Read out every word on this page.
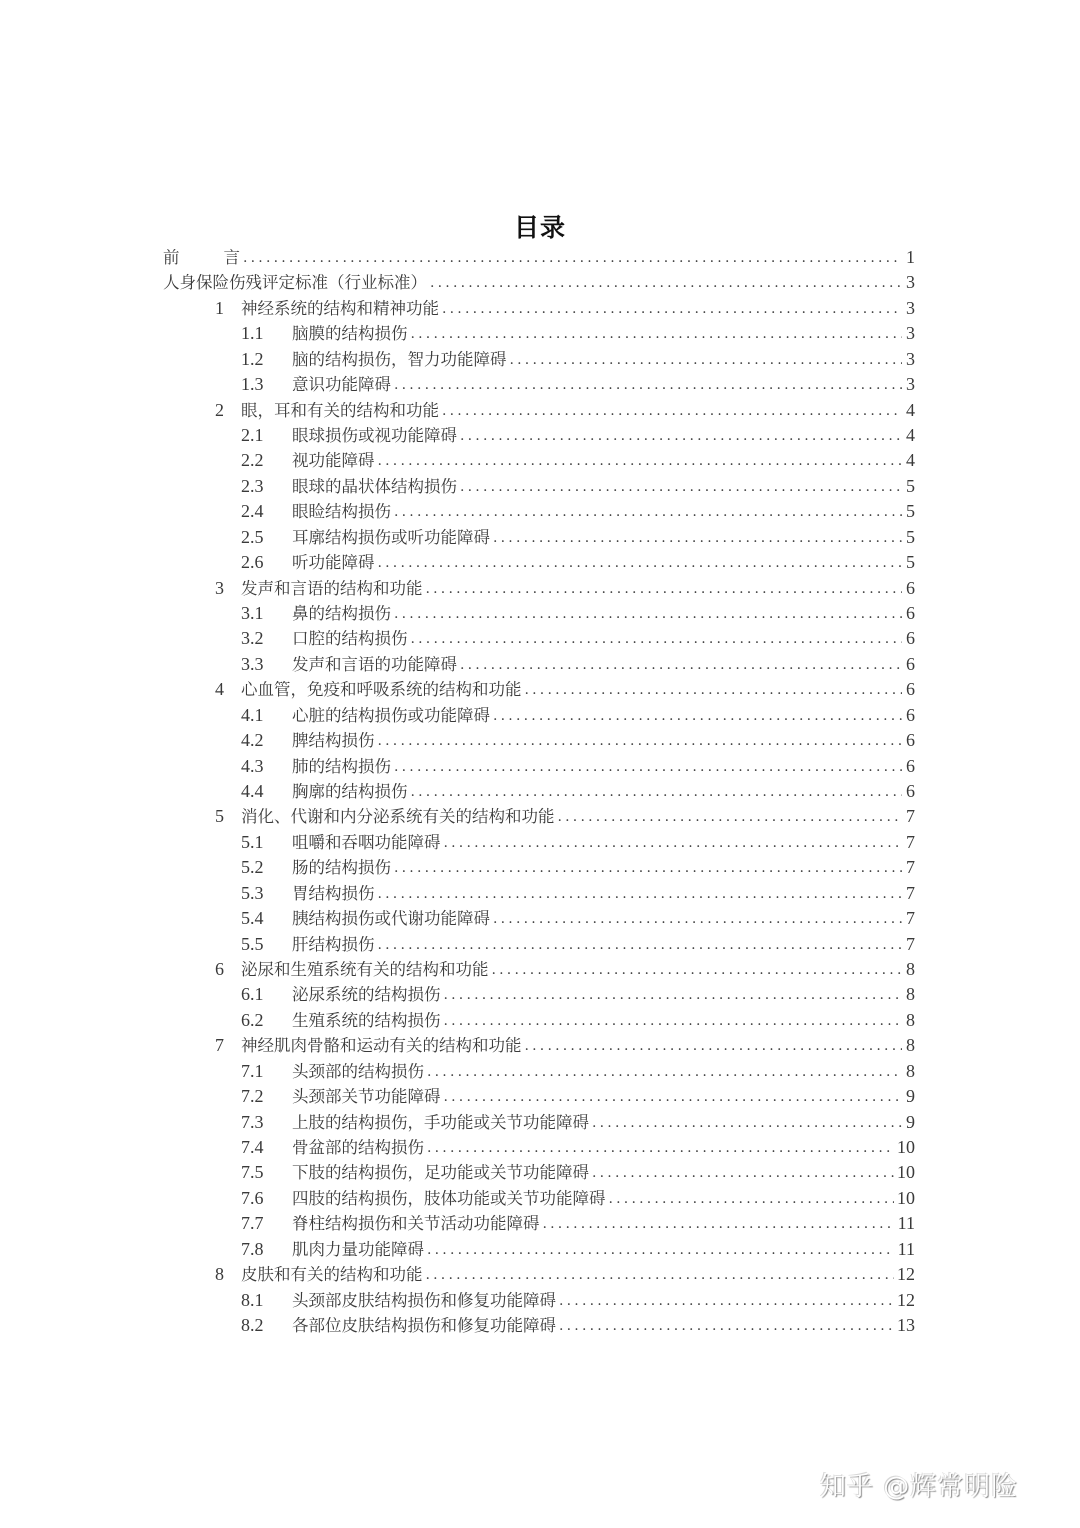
目录
前言 .....	1
人身保险伤残评定标准（行业标准） .....	3
1	神经系统的结构和精神功能 .....	3
1.1	脑膜的结构损伤 .....	3
1.2	脑的结构损伤，智力功能障碍 .....	3
1.3	意识功能障碍 .....	3
2	眼，耳和有关的结构和功能 .....	4
2.1	眼球损伤或视功能障碍 .....	4
2.2	视功能障碍 .....	4
2.3	眼球的晶状体结构损伤 .....	5
2.4	眼睑结构损伤 .....	5
2.5	耳廓结构损伤或听功能障碍 .....	5
2.6	听功能障碍 .....	5
3	发声和言语的结构和功能 .....	6
3.1	鼻的结构损伤 .....	6
3.2	口腔的结构损伤 .....	6
3.3	发声和言语的功能障碍 .....	6
4	心血管，免疫和呼吸系统的结构和功能 .....	6
4.1	心脏的结构损伤或功能障碍 .....	6
4.2	脾结构损伤 .....	6
4.3	肺的结构损伤 .....	6
4.4	胸廓的结构损伤 .....	6
5	消化、代谢和内分泌系统有关的结构和功能 .....	7
5.1	咀嚼和吞咽功能障碍 .....	7
5.2	肠的结构损伤 .....	7
5.3	胃结构损伤 .....	7
5.4	胰结构损伤或代谢功能障碍 .....	7
5.5	肝结构损伤 .....	7
6	泌尿和生殖系统有关的结构和功能 .....	8
6.1	泌尿系统的结构损伤 .....	8
6.2	生殖系统的结构损伤 .....	8
7	神经肌肉骨骼和运动有关的结构和功能 .....	8
7.1	头颈部的结构损伤 .....	8
7.2	头颈部关节功能障碍 .....	9
7.3	上肢的结构损伤，手功能或关节功能障碍 .....	9
7.4	骨盆部的结构损伤 .....	10
7.5	下肢的结构损伤，足功能或关节功能障碍 .....	10
7.6	四肢的结构损伤，肢体功能或关节功能障碍 .....	10
7.7	脊柱结构损伤和关节活动功能障碍 .....	11
7.8	肌肉力量功能障碍 .....	11
8	皮肤和有关的结构和功能 .....	12
8.1	头颈部皮肤结构损伤和修复功能障碍 .....	12
8.2	各部位皮肤结构损伤和修复功能障碍 .....	13
知乎 @辉常明险
